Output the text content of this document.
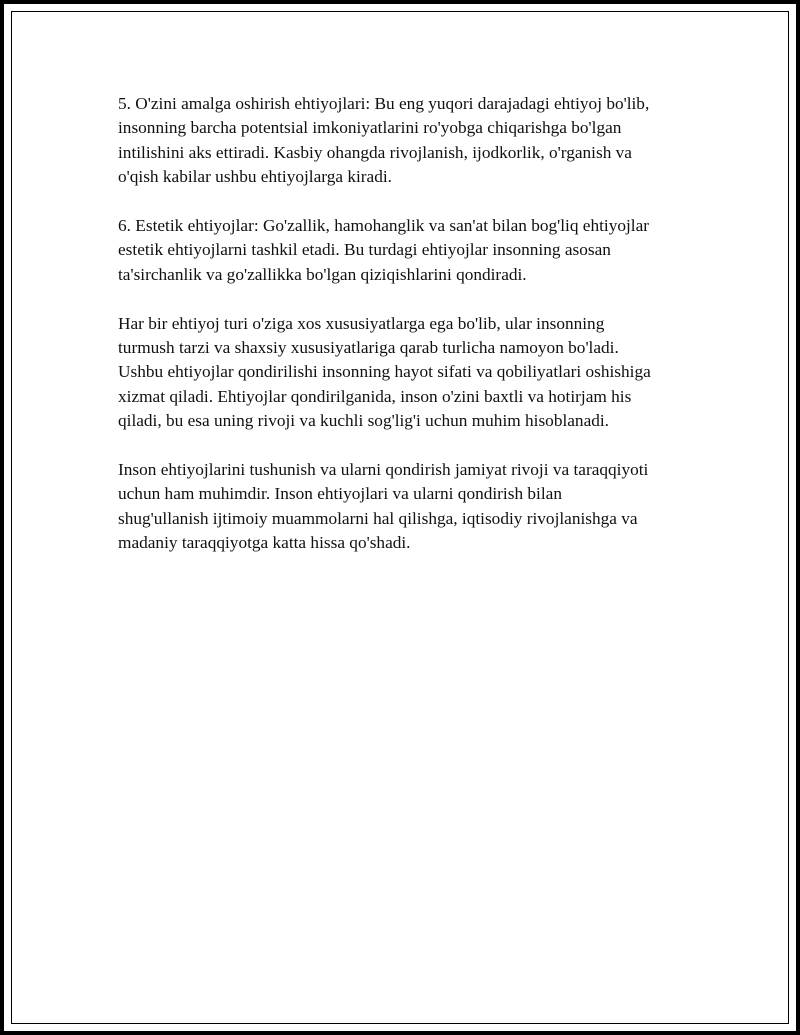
5. O'zini amalga oshirish ehtiyojlari: Bu eng yuqori darajadagi ehtiyoj bo'lib,
insonning barcha potentsial imkoniyatlarini ro'yobga chiqarishga bo'lgan
intilishini aks ettiradi. Kasbiy ohangda rivojlanish, ijodkorlik, o'rganish va
o'qish kabilar ushbu ehtiyojlarga kiradi.

6. Estetik ehtiyojlar: Go'zallik, hamohanglik va san'at bilan bog'liq ehtiyojlar
estetik ehtiyojlarni tashkil etadi. Bu turdagi ehtiyojlar insonning asosan
ta'sirchanlik va go'zallikka bo'lgan qiziqishlarini qondiradi.

Har bir ehtiyoj turi o'ziga xos xususiyatlarga ega bo'lib, ular insonning
turmush tarzi va shaxsiy xususiyatlariga qarab turlicha namoyon bo'ladi.
Ushbu ehtiyojlar qondirilishi insonning hayot sifati va qobiliyatlari oshishiga
xizmat qiladi. Ehtiyojlar qondirilganida, inson o'zini baxtli va hotirjam his
qiladi, bu esa uning rivoji va kuchli sog'lig'i uchun muhim hisoblanadi.

Inson ehtiyojlarini tushunish va ularni qondirish jamiyat rivoji va taraqqiyoti
uchun ham muhimdir. Inson ehtiyojlari va ularni qondirish bilan
shug'ullanish ijtimoiy muammolarni hal qilishga, iqtisodiy rivojlanishga va
madaniy taraqqiyotga katta hissa qo'shadi.
